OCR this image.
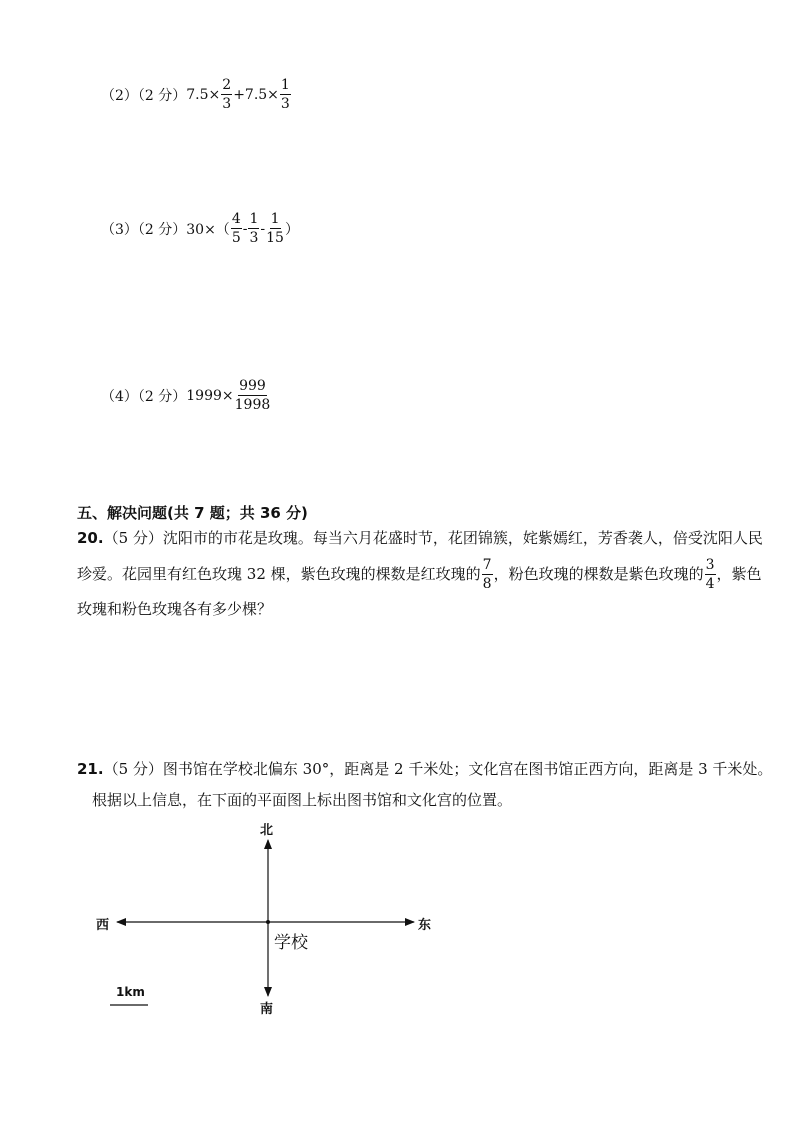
（2）（2 分） $7.5\times \frac{2}{3} +7.5\times \frac{1}{3}$
（3）（2 分） $30\times( \frac{4}{5} - \frac{1}{3} - \frac{1}{15}$ ）
（4）（2 分） $1999\times \frac{999}{1998}$
五、解决问题(共 7 题；共 36 分)
20.（5 分）沈阳市的市花是玫瑰。每当六月花盛时节，花团锦簇，姹紫嫣红，芳香袭人，倍受沈阳人民
珍爱。花园里有红色玫瑰 32 棵，紫色玫瑰的棵数是红玫瑰的 $\frac{7}{8}$ ，粉色玫瑰的棵数是紫色玫瑰的 $\frac{3}{4}$ ，紫色
玫瑰和粉色玫瑰各有多少棵？
21.（5 分）图书馆在学校北偏东 30°，距离是 2 千米处；文化宫在图书馆正西方向，距离是 3 千米处。
根据以上信息，在下面的平面图上标出图书馆和文化宫的位置。
北
南
西	东
学校
1km
